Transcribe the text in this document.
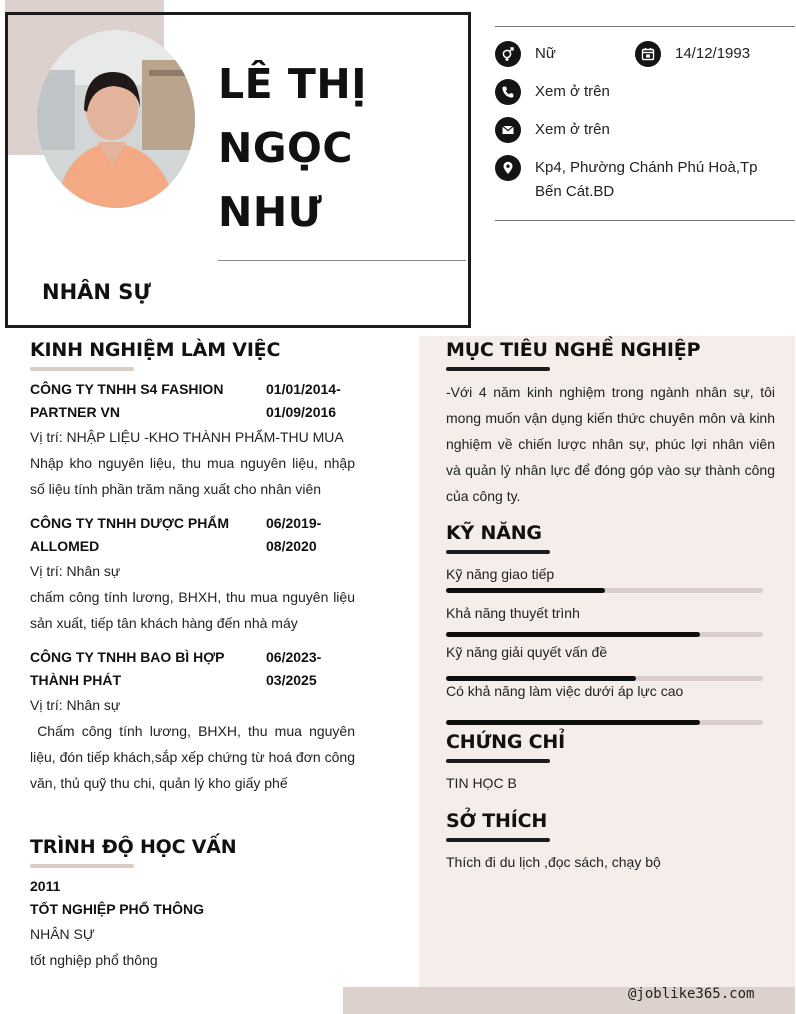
LÊ THỊ
NGỌC
NHƯ
NHÂN SỰ
Nữ	14/12/1993
Xem ở trên
Xem ở trên
Kp4, Phường Chánh Phú Hoà,Tp Bến Cát.BD
KINH NGHIỆM LÀM VIỆC
CÔNG TY TNHH S4 FASHION PARTNER VN
01/01/2014-01/09/2016
Vị trí: NHẬP LIỆU -KHO THÀNH PHẨM-THU MUA
Nhập kho nguyên liệu, thu mua nguyên liệu, nhập số liệu tính phần trăm năng xuất cho nhân viên
CÔNG TY TNHH DƯỢC PHẨM ALLOMED
06/2019-08/2020
Vị trí: Nhân sự
chấm công tính lương, BHXH, thu mua nguyên liệu sản xuất, tiếp tân khách hàng đến nhà máy
CÔNG TY TNHH BAO BÌ HỢP THÀNH PHÁT
06/2023-03/2025
Vị trí: Nhân sự
Chấm công tính lương, BHXH, thu mua nguyên liệu, đón tiếp khách,sắp xếp chứng từ hoá đơn công văn, thủ quỹ thu chi, quản lý kho giấy phế
TRÌNH ĐỘ HỌC VẤN
2011
TỐT NGHIỆP PHỔ THÔNG
NHÂN SỰ
tốt nghiệp phổ thông
MỤC TIÊU NGHỀ NGHIỆP
-Với 4 năm kinh nghiệm trong ngành nhân sự, tôi mong muốn vận dụng kiến thức chuyên môn và kinh nghiệm về chiến lược nhân sự, phúc lợi nhân viên và quản lý nhân lực để đóng góp vào sự thành công của công ty.
KỸ NĂNG
Kỹ năng giao tiếp
Khả năng thuyết trình
Kỹ năng giải quyết vấn đề
Có khả năng làm việc dưới áp lực cao
CHỨNG CHỈ
TIN HỌC B
SỞ THÍCH
Thích đi du lịch ,đọc sách, chạy bộ
@joblike365.com
